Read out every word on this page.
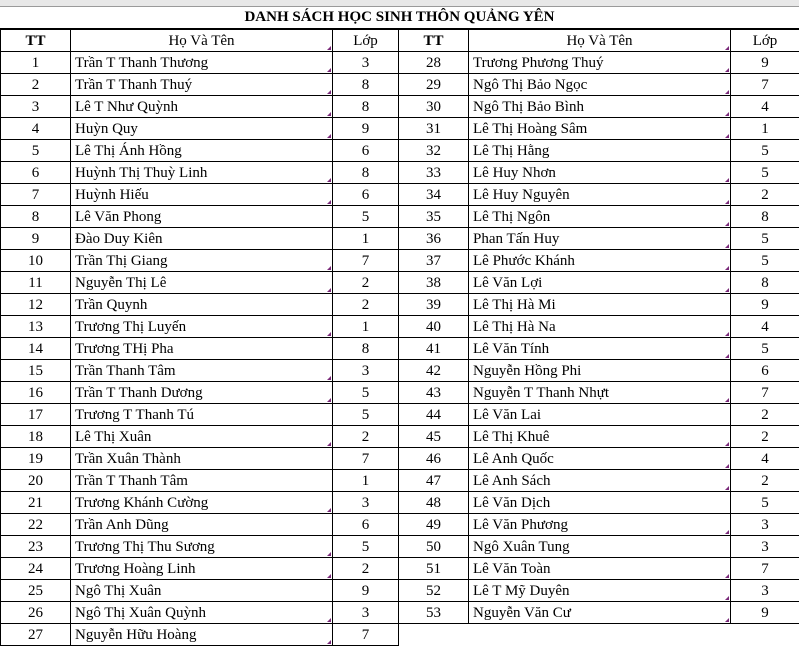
DANH SÁCH HỌC SINH THÔN QUẢNG YÊN
TT	Họ Và Tên	Lớp	TT	Họ Và Tên	Lớp
1	Trần T Thanh Thương	3	28	Trương Phương Thuý	9
2	Trần T Thanh Thuý	8	29	Ngô Thị Bảo Ngọc	7
3	Lê T Như Quỳnh	8	30	Ngô Thị Bảo Bình	4
4	Huỳn Quy	9	31	Lê Thị Hoàng Sâm	1
5	Lê Thị Ánh Hồng	6	32	Lê Thị Hằng	5
6	Huỳnh Thị Thuỳ Linh	8	33	Lê Huy Nhơn	5
7	Huỳnh Hiếu	6	34	Lê Huy Nguyên	2
8	Lê Văn Phong	5	35	Lê Thị Ngôn	8
9	Đào Duy Kiên	1	36	Phan Tấn Huy	5
10	Trần Thị Giang	7	37	Lê Phước Khánh	5
11	Nguyễn Thị Lê	2	38	Lê Văn Lợi	8
12	Trần Quynh	2	39	Lê Thị Hà Mi	9
13	Trương Thị Luyến	1	40	Lê Thị Hà Na	4
14	Trương THị Pha	8	41	Lê Văn Tính	5
15	Trần Thanh Tâm	3	42	Nguyễn Hồng Phi	6
16	Trần T Thanh Dương	5	43	Nguyễn T Thanh Nhựt	7
17	Trương T Thanh Tú	5	44	Lê Văn Lai	2
18	Lê Thị Xuân	2	45	Lê Thị Khuê	2
19	Trần Xuân Thành	7	46	Lê Anh Quốc	4
20	Trần T Thanh Tâm	1	47	Lê Anh Sách	2
21	Trương Khánh Cường	3	48	Lê Văn Dịch	5
22	Trần Anh Dũng	6	49	Lê Văn Phương	3
23	Trương Thị Thu Sương	5	50	Ngô Xuân Tung	3
24	Trương Hoàng Linh	2	51	Lê Văn Toàn	7
25	Ngô Thị Xuân	9	52	Lê T Mỹ Duyên	3
26	Ngô Thị Xuân Quỳnh	3	53	Nguyễn Văn Cư	9
27	Nguyễn Hữu Hoàng	7			
